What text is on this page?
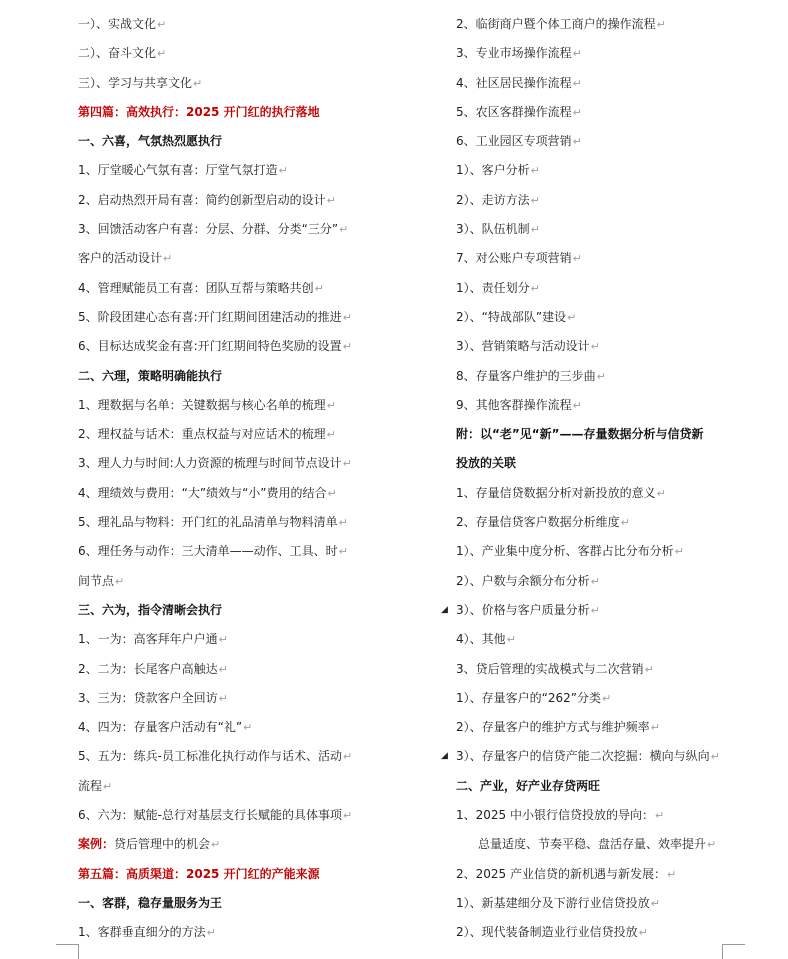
一）、实战文化↵
二）、奋斗文化↵
三）、学习与共享文化↵
第四篇：高效执行：2025 开门红的执行落地
一、六喜，气氛热烈愿执行
1、厅堂暖心气氛有喜：厅堂气氛打造↵
2、启动热烈开局有喜：简约创新型启动的设计↵
3、回馈活动客户有喜：分层、分群、分类“三分”↵
客户的活动设计↵
4、管理赋能员工有喜：团队互帮与策略共创↵
5、阶段团建心态有喜:开门红期间团建活动的推进↵
6、目标达成奖金有喜:开门红期间特色奖励的设置↵
二、六理，策略明确能执行
1、理数据与名单：关键数据与核心名单的梳理↵
2、理权益与话术：重点权益与对应话术的梳理↵
3、理人力与时间:人力资源的梳理与时间节点设计↵
4、理绩效与费用：“大”绩效与“小”费用的结合↵
5、理礼品与物料：开门红的礼品清单与物料清单↵
6、理任务与动作：三大清单——动作、工具、时↵
间节点↵
三、六为，指令清晰会执行
1、一为：高客拜年户户通↵
2、二为：长尾客户高触达↵
3、三为：贷款客户全回访↵
4、四为：存量客户活动有“礼”↵
5、五为：练兵-员工标准化执行动作与话术、活动↵
流程↵
6、六为：赋能-总行对基层支行长赋能的具体事项↵
案例：贷后管理中的机会↵
第五篇：高质渠道：2025 开门红的产能来源
一、客群，稳存量服务为王
1、客群垂直细分的方法↵
2、临街商户暨个体工商户的操作流程↵
3、专业市场操作流程↵
4、社区居民操作流程↵
5、农区客群操作流程↵
6、工业园区专项营销↵
1）、客户分析↵
2）、走访方法↵
3）、队伍机制↵
7、对公账户专项营销↵
1）、责任划分↵
2）、“特战部队”建设↵
3）、营销策略与活动设计↵
8、存量客户维护的三步曲↵
9、其他客群操作流程↵
附：以“老”见“新”——存量数据分析与信贷新
投放的关联
1、存量信贷数据分析对新投放的意义↵
2、存量信贷客户数据分析维度↵
1）、产业集中度分析、客群占比分布分析↵
2）、户数与余额分布分析↵
◢ 3）、价格与客户质量分析↵
4）、其他↵
3、贷后管理的实战模式与二次营销↵
1）、存量客户的“262”分类↵
2）、存量客户的维护方式与维护频率↵
◢ 3）、存量客户的信贷产能二次挖掘：横向与纵向↵
二、产业，好产业存贷两旺
1、2025 中小银行信贷投放的导向：↵
总量适度、节奏平稳、盘活存量、效率提升↵
2、2025 产业信贷的新机遇与新发展：↵
1）、新基建细分及下游行业信贷投放↵
2）、现代装备制造业行业信贷投放↵
